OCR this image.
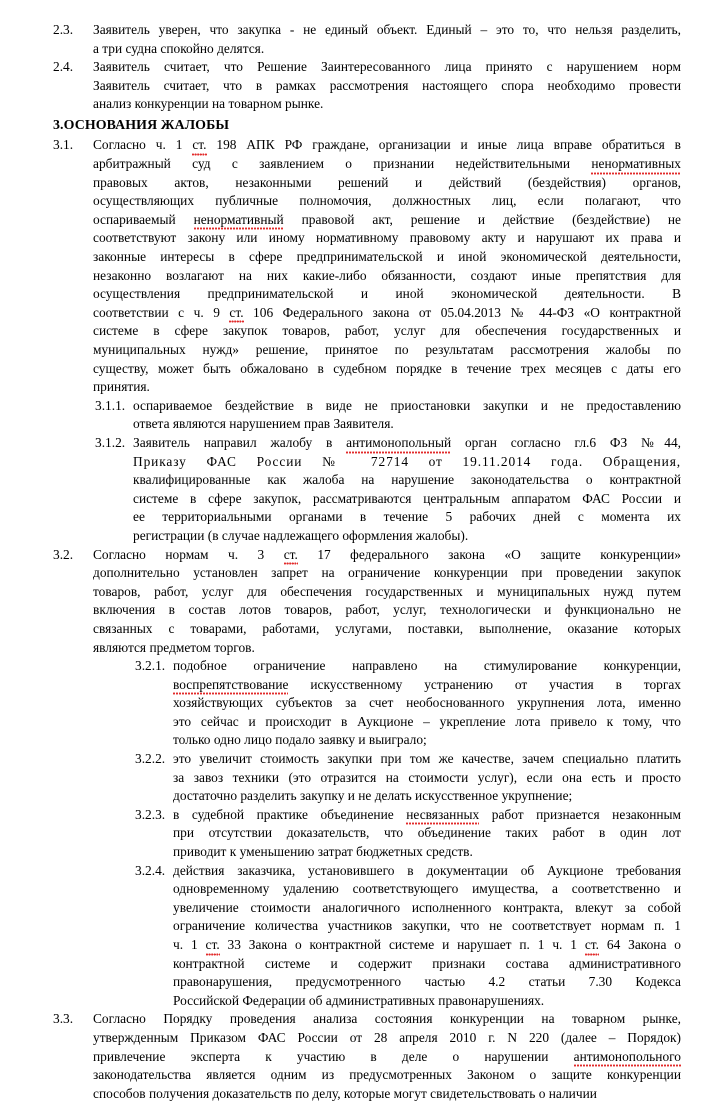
2.3.	Заявитель уверен, что закупка - не единый объект. Единый – это то, что нельзя разделить,
а три судна спокойно делятся.
2.4.	Заявитель считает, что Решение Заинтересованного лица принято с нарушением норм
Заявитель считает, что в рамках рассмотрения настоящего спора необходимо провести
анализ конкуренции на товарном рынке.
3.ОСНОВАНИЯ ЖАЛОБЫ
3.1.	Согласно ч. 1 ст. 198 АПК РФ граждане, организации и иные лица вправе обратиться в
арбитражный суд с заявлением о признании недействительными ненормативных
правовых актов, незаконными решений и действий (бездействия) органов,
осуществляющих публичные полномочия, должностных лиц, если полагают, что
оспариваемый ненормативный правовой акт, решение и действие (бездействие) не
соответствуют закону или иному нормативному правовому акту и нарушают их права и
законные интересы в сфере предпринимательской и иной экономической деятельности,
незаконно возлагают на них какие-либо обязанности, создают иные препятствия для
осуществления предпринимательской и иной экономической деятельности. В
соответствии с ч. 9 ст. 106 Федерального закона от 05.04.2013 № 44-ФЗ «О контрактной
системе в сфере закупок товаров, работ, услуг для обеспечения государственных и
муниципальных нужд» решение, принятое по результатам рассмотрения жалобы по
существу, может быть обжаловано в судебном порядке в течение трех месяцев с даты его
принятия.
3.1.1. оспариваемое бездействие в виде не приостановки закупки и не предоставлению
ответа являются нарушением прав Заявителя.
3.1.2. Заявитель направил жалобу в антимонопольный орган согласно гл.6 ФЗ №44,
Приказу ФАС России № 72714 от 19.11.2014 года. Обращения,
квалифицированные как жалоба на нарушение законодательства о контрактной
системе в сфере закупок, рассматриваются центральным аппаратом ФАС России и
ее территориальными органами в течение 5 рабочих дней с момента их
регистрации (в случае надлежащего оформления жалобы).
3.2.	Согласно нормам ч. 3 ст. 17 федерального закона «О защите конкуренции»
дополнительно установлен запрет на ограничение конкуренции при проведении закупок
товаров, работ, услуг для обеспечения государственных и муниципальных нужд путем
включения в состав лотов товаров, работ, услуг, технологически и функционально не
связанных с товарами, работами, услугами, поставки, выполнение, оказание которых
являются предметом торгов.
3.2.1. подобное ограничение направлено на стимулирование конкуренции,
воспрепятствование искусственному устранению от участия в торгах
хозяйствующих субъектов за счет необоснованного укрупнения лота, именно
это сейчас и происходит в Аукционе – укрепление лота привело к тому, что
только одно лицо подало заявку и выиграло;
3.2.2. это увеличит стоимость закупки при том же качестве, зачем специально платить
за завоз техники (это отразится на стоимости услуг), если она есть и просто
достаточно разделить закупку и не делать искусственное укрупнение;
3.2.3. в судебной практике объединение несвязанных работ признается незаконным
при отсутствии доказательств, что объединение таких работ в один лот
приводит к уменьшению затрат бюджетных средств.
3.2.4. действия заказчика, установившего в документации об Аукционе требования
одновременному удалению соответствующего имущества, а соответственно и
увеличение стоимости аналогичного исполненного контракта, влекут за собой
ограничение количества участников закупки, что не соответствует нормам п. 1
ч. 1 ст. 33 Закона о контрактной системе и нарушает п. 1 ч. 1 ст. 64 Закона о
контрактной системе и содержит признаки состава административного
правонарушения, предусмотренного частью 4.2 статьи 7.30 Кодекса
Российской Федерации об административных правонарушениях.
3.3.	Согласно Порядку проведения анализа состояния конкуренции на товарном рынке,
утвержденным Приказом ФАС России от 28 апреля 2010 г. N 220 (далее – Порядок)
привлечение эксперта к участию в деле о нарушении антимонопольного
законодательства является одним из предусмотренных Законом о защите конкуренции
способов получения доказательств по делу, которые могут свидетельствовать о наличии
